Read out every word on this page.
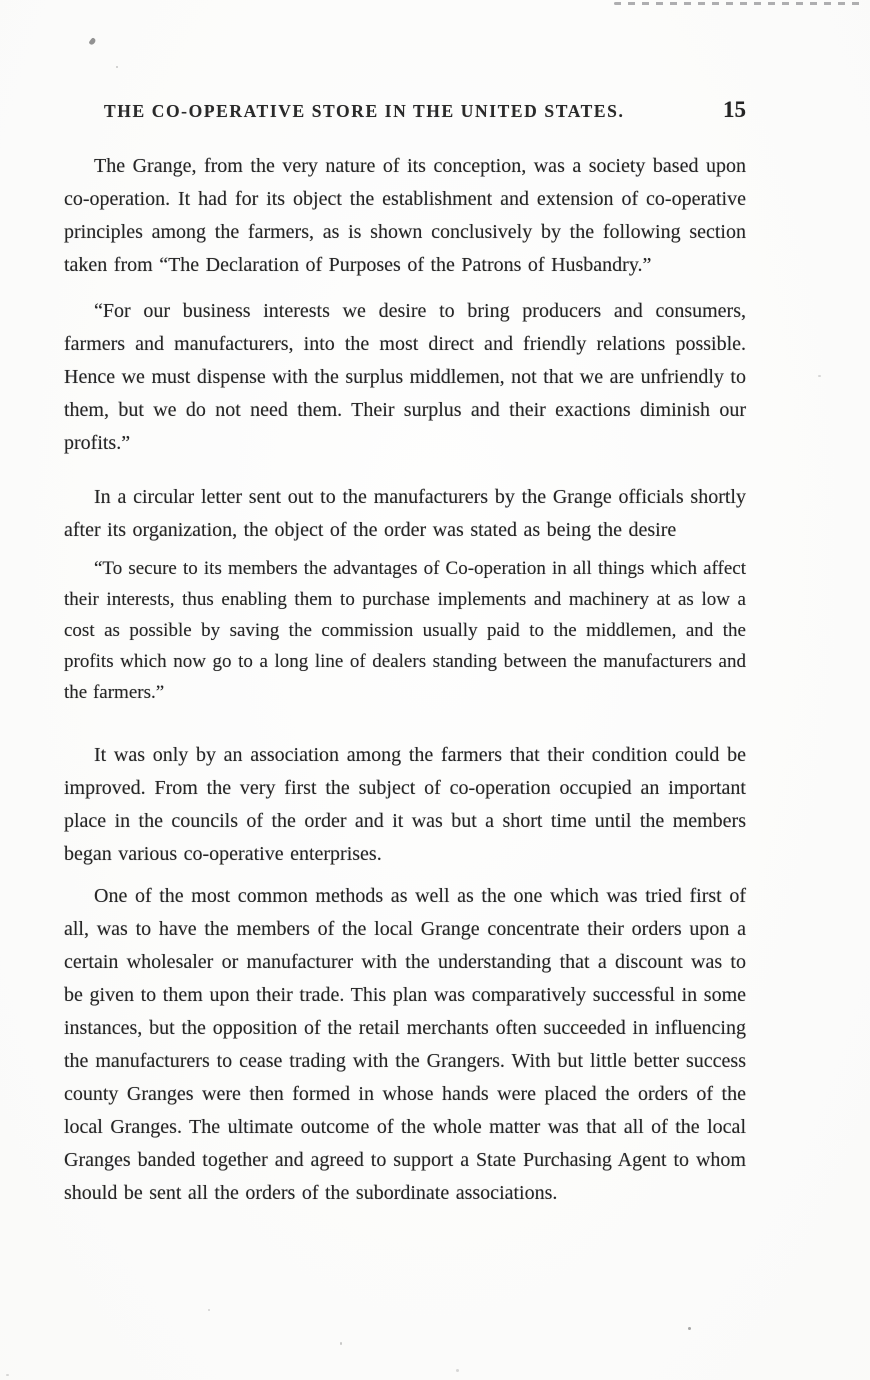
THE CO-OPERATIVE STORE IN THE UNITED STATES.	15

The Grange, from the very nature of its conception, was a society based upon co-operation. It had for its object the establishment and extension of co-operative principles among the farmers, as is shown conclusively by the following section taken from “The Declaration of Purposes of the Patrons of Husbandry.”

“For our business interests we desire to bring producers and consumers, farmers and manufacturers, into the most direct and friendly relations possible. Hence we must dispense with the surplus middlemen, not that we are unfriendly to them, but we do not need them. Their surplus and their exactions diminish our profits.”

In a circular letter sent out to the manufacturers by the Grange officials shortly after its organization, the object of the order was stated as being the desire

“To secure to its members the advantages of Co-operation in all things which affect their interests, thus enabling them to purchase implements and machinery at as low a cost as possible by saving the commission usually paid to the middlemen, and the profits which now go to a long line of dealers standing between the manufacturers and the farmers.”

It was only by an association among the farmers that their condition could be improved. From the very first the subject of co-operation occupied an important place in the councils of the order and it was but a short time until the members began various co-operative enterprises.

One of the most common methods as well as the one which was tried first of all, was to have the members of the local Grange concentrate their orders upon a certain wholesaler or manufacturer with the understanding that a discount was to be given to them upon their trade. This plan was comparatively successful in some instances, but the opposition of the retail merchants often succeeded in influencing the manufacturers to cease trading with the Grangers. With but little better success county Granges were then formed in whose hands were placed the orders of the local Granges. The ultimate outcome of the whole matter was that all of the local Granges banded together and agreed to support a State Purchasing Agent to whom should be sent all the orders of the subordinate associations.
